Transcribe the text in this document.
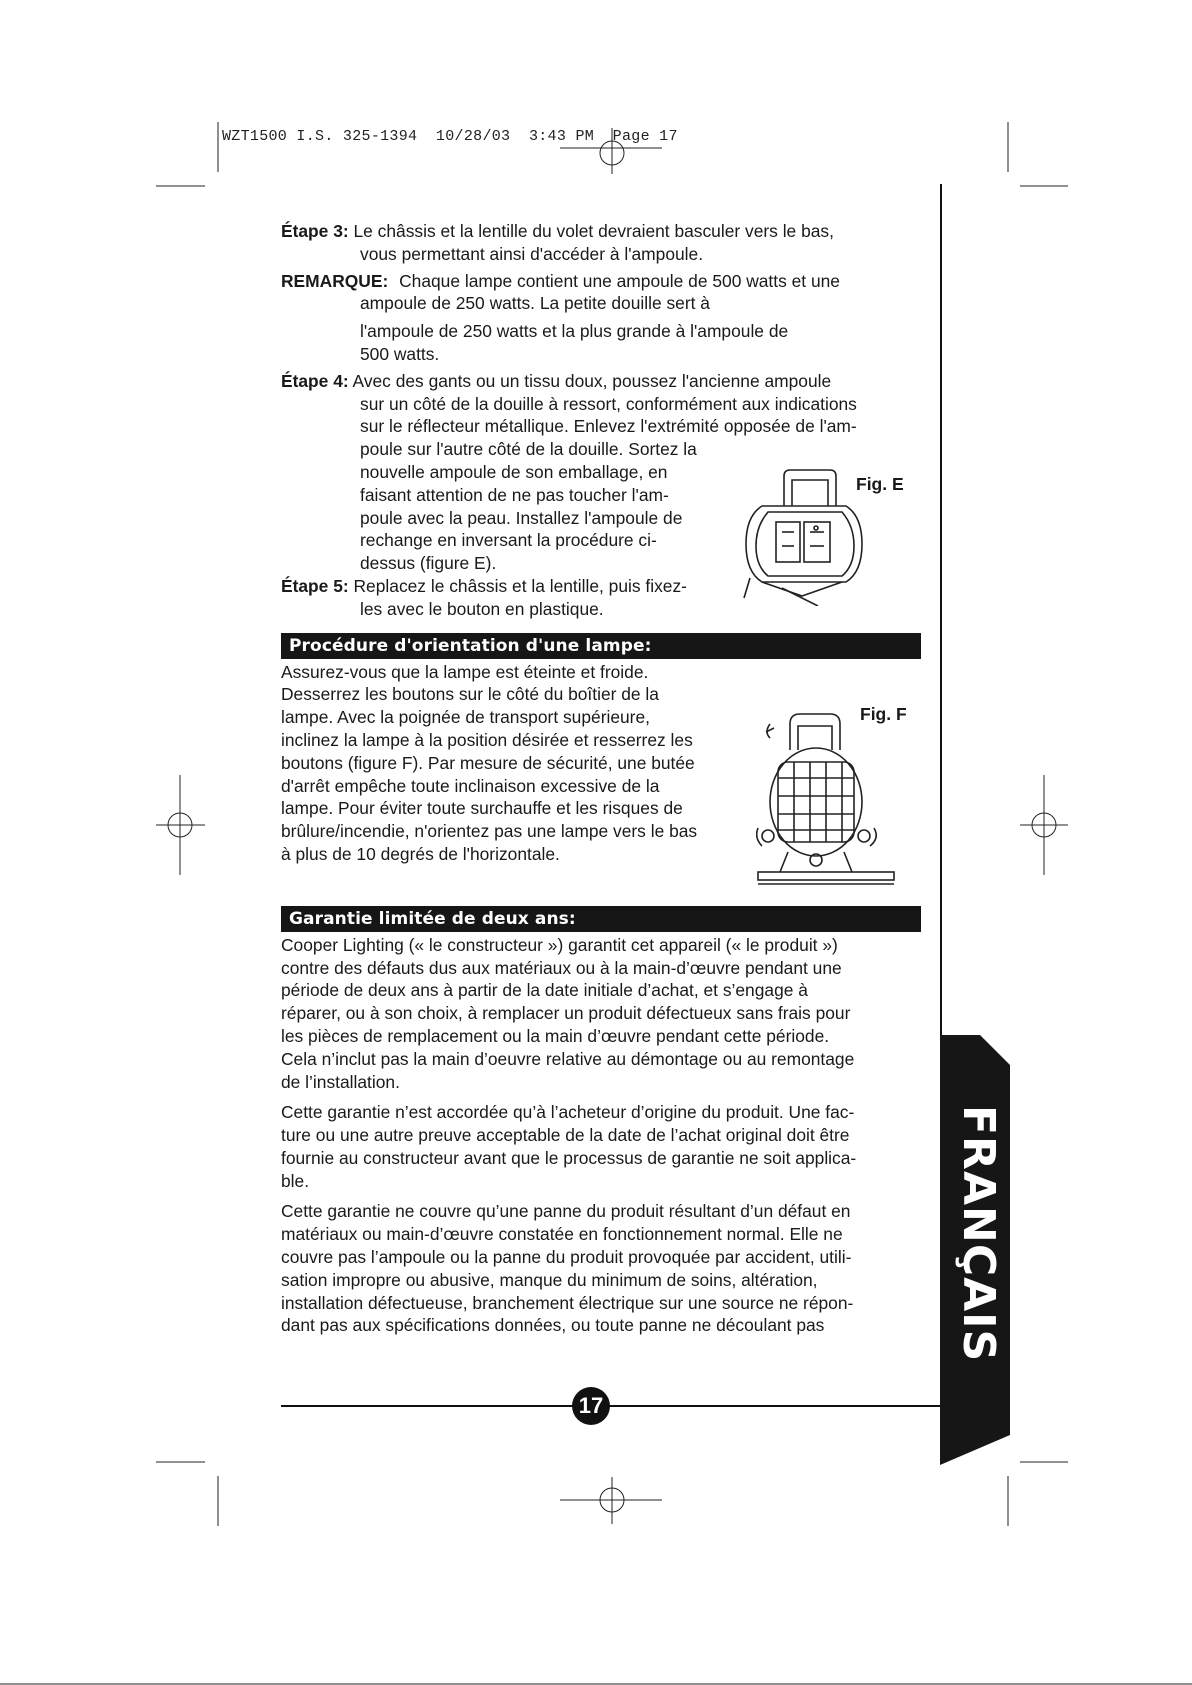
WZT1500 I.S. 325-1394  10/28/03  3:43 PM  Page 17
Étape 3: Le châssis et la lentille du volet devraient basculer vers le bas,
vous permettant ainsi d'accéder à l'ampoule.
REMARQUE: Chaque lampe contient une ampoule de 500 watts et une
ampoule de 250 watts. La petite douille sert à
l'ampoule de 250 watts et la plus grande à l'ampoule de
500 watts.
Étape 4: Avec des gants ou un tissu doux, poussez l'ancienne ampoule
sur un côté de la douille à ressort, conformément aux indications
sur le réflecteur métallique. Enlevez l'extrémité opposée de l'am-
poule sur l'autre côté de la douille. Sortez la
nouvelle ampoule de son emballage, en
faisant attention de ne pas toucher l'am-
poule avec la peau. Installez l'ampoule de
rechange en inversant la procédure ci-
dessus (figure E).
Étape 5: Replacez le châssis et la lentille, puis fixez-
les avec le bouton en plastique.
Procédure d'orientation d'une lampe:
Assurez-vous que la lampe est éteinte et froide.
Desserrez les boutons sur le côté du boîtier de la
lampe. Avec la poignée de transport supérieure,
inclinez la lampe à la position désirée et resserrez les
boutons (figure F). Par mesure de sécurité, une butée
d'arrêt empêche toute inclinaison excessive de la
lampe. Pour éviter toute surchauffe et les risques de
brûlure/incendie, n'orientez pas une lampe vers le bas
à plus de 10 degrés de l'horizontale.
Garantie limitée de deux ans:
Cooper Lighting (« le constructeur ») garantit cet appareil (« le produit »)
contre des défauts dus aux matériaux ou à la main-d’œuvre pendant une
période de deux ans à partir de la date initiale d’achat, et s’engage à
réparer, ou à son choix, à remplacer un produit défectueux sans frais pour
les pièces de remplacement ou la main d’œuvre pendant cette période.
Cela n’inclut pas la main d’oeuvre relative au démontage ou au remontage
de l’installation.
Cette garantie n’est accordée qu’à l’acheteur d’origine du produit. Une fac-
ture ou une autre preuve acceptable de la date de l’achat original doit être
fournie au constructeur avant que le processus de garantie ne soit applica-
ble.
Cette garantie ne couvre qu’une panne du produit résultant d’un défaut en
matériaux ou main-d’œuvre constatée en fonctionnement normal. Elle ne
couvre pas l’ampoule ou la panne du produit provoquée par accident, utili-
sation impropre ou abusive, manque du minimum de soins, altération,
installation défectueuse, branchement électrique sur une source ne répon-
dant pas aux spécifications données, ou toute panne ne découlant pas
Fig. E
Fig. F
17
FRANÇAIS
